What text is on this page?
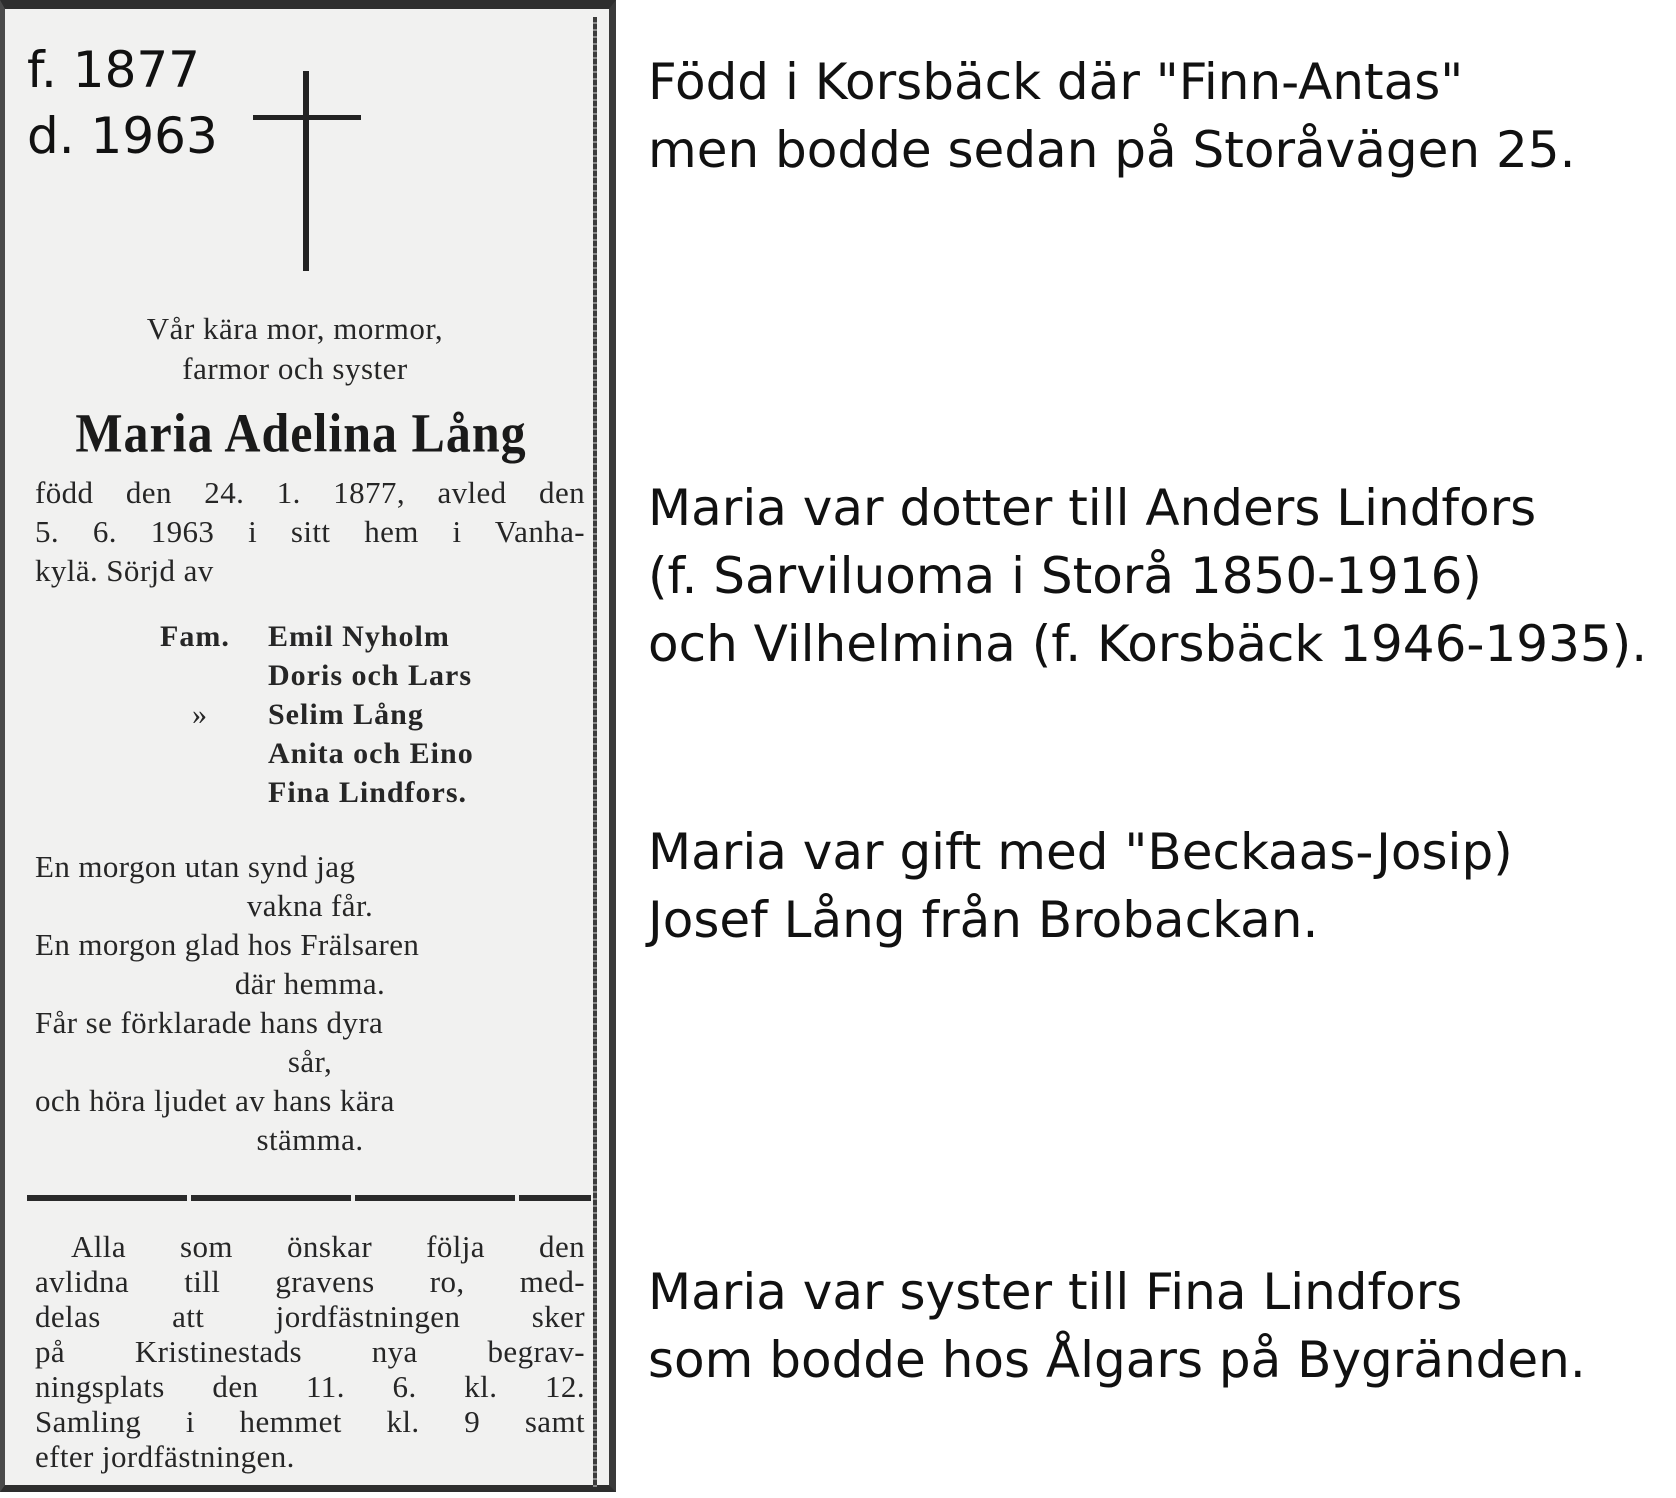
f. 1877
d. 1963
Vår kära mor, mormor,
farmor och syster
Maria Adelina Lång
född den 24. 1. 1877, avled den
5. 6. 1963 i sitt hem i Vanha-
kylä. Sörjd av
Fam.	Emil Nyholm
Doris och Lars
»	Selim Lång
Anita och Eino
Fina Lindfors.
En morgon utan synd jag
vakna får.
En morgon glad hos Frälsaren
där hemma.
Får se förklarade hans dyra
sår,
och höra ljudet av hans kära
stämma.
Alla som önskar följa den
avlidna till gravens ro, med-
delas att jordfästningen sker
på Kristinestads nya begrav-
ningsplats den 11. 6. kl. 12.
Samling i hemmet kl. 9 samt
efter jordfästningen.
Född i Korsbäck där "Finn-Antas"
men bodde sedan på Storåvägen 25.
Maria var dotter till Anders Lindfors
(f. Sarviluoma i Storå 1850-1916)
och Vilhelmina (f. Korsbäck 1946-1935).
Maria var gift med "Beckaas-Josip)
Josef Lång från Brobackan.
Maria var syster till Fina Lindfors
som bodde hos Ålgars på Bygränden.
